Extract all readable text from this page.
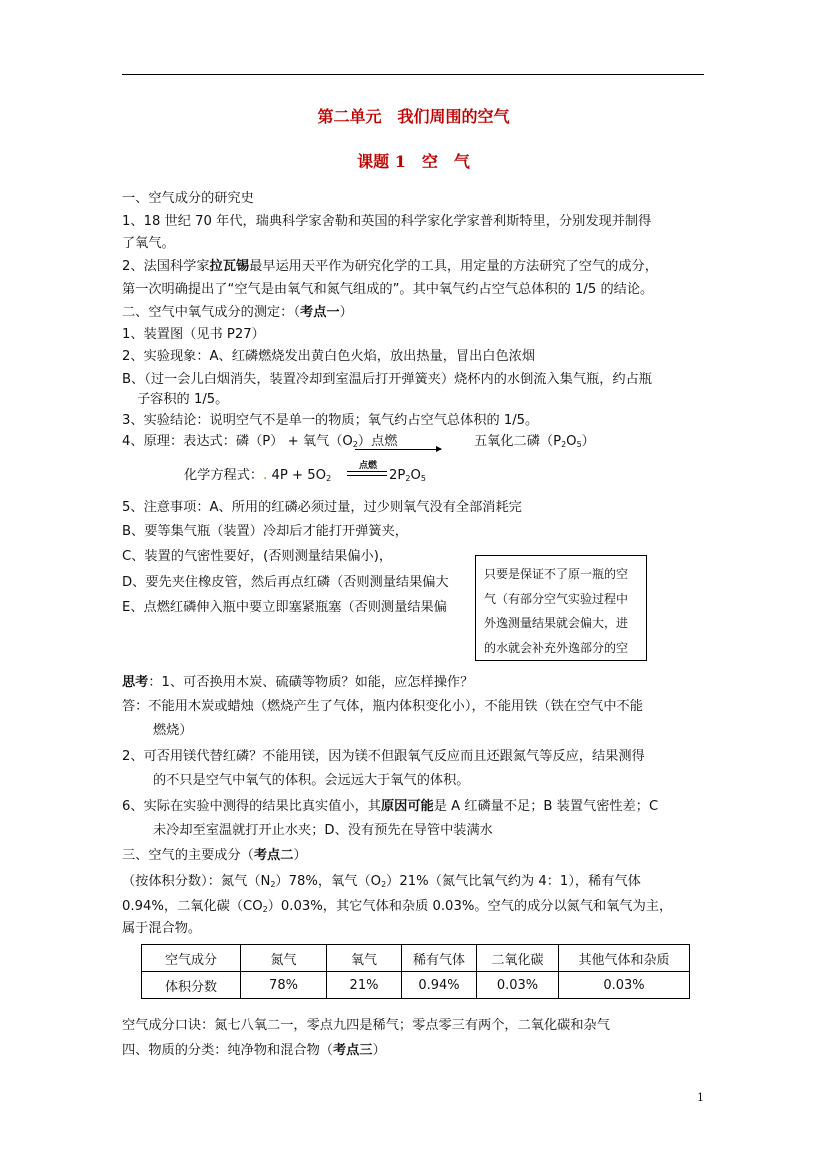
第二单元　我们周围的空气
课题 1　空　气
一、空气成分的研究史
1、18 世纪 70 年代，瑞典科学家舍勒和英国的科学家化学家普利斯特里，分别发现并制得
了氧气。
2、法国科学家拉瓦锡最早运用天平作为研究化学的工具，用定量的方法研究了空气的成分，
第一次明确提出了“空气是由氧气和氮气组成的”。其中氧气约占空气总体积的 1/5 的结论。
二、空气中氧气成分的测定：（考点一）
1、装置图（见书 P27）
2、实验现象：A、红磷燃烧发出黄白色火焰，放出热量，冒出白色浓烟
B、（过一会儿白烟消失，装置冷却到室温后打开弹簧夹）烧杯内的水倒流入集气瓶，约占瓶
子容积的 1/5。
3、实验结论：说明空气不是单一的物质；氧气约占空气总体积的 1/5。
4、原理：表达式：磷（P） + 氧气$(O_2)$点燃	五氧化二磷$(P_2O_5)$
化学方程式：. $4P + 5O_2$
点燃
$2P_2O_5$
5、注意事项：A、所用的红磷必须过量，过少则氧气没有全部消耗完
B、要等集气瓶（装置）冷却后才能打开弹簧夹，
C、装置的气密性要好，(否则测量结果偏小)，
D、要先夹住橡皮管，然后再点红磷（否则测量结果偏大
E、点燃红磷伸入瓶中要立即塞紧瓶塞（否则测量结果偏
只要是保证不了原一瓶的空
气（有部分空气实验过程中
外逸测量结果就会偏大，进
的水就会补充外逸部分的空
思考：1、可否换用木炭、硫磺等物质？如能，应怎样操作？
答：不能用木炭或蜡烛（燃烧产生了气体，瓶内体积变化小），不能用铁（铁在空气中不能
燃烧）
2、可否用镁代替红磷？不能用镁，因为镁不但跟氧气反应而且还跟氮气等反应，结果测得
的不只是空气中氧气的体积。会远远大于氧气的体积。
6、实际在实验中测得的结果比真实值小，其原因可能是 A 红磷量不足；B 装置气密性差；C
未冷却至室温就打开止水夹；D、没有预先在导管中装满水
三、空气的主要成分（考点二）
（按体积分数）：氮气$(N_2)78\%$，氧气$(O_2)21\%$（氮气比氧气约为 4：1），稀有气体
0.94%，二氧化碳$(CO_2)0.03\%$，其它气体和杂质 0.03%。空气的成分以氮气和氧气为主，
属于混合物。
空气成分	氮气	氧气	稀有气体	二氧化碳	其他气体和杂质
体积分数	78%	21%	0.94%	0.03%	0.03%
空气成分口诀：氮七八氧二一，零点九四是稀气；零点零三有两个，二氧化碳和杂气
四、物质的分类：纯净物和混合物（考点三）
1
